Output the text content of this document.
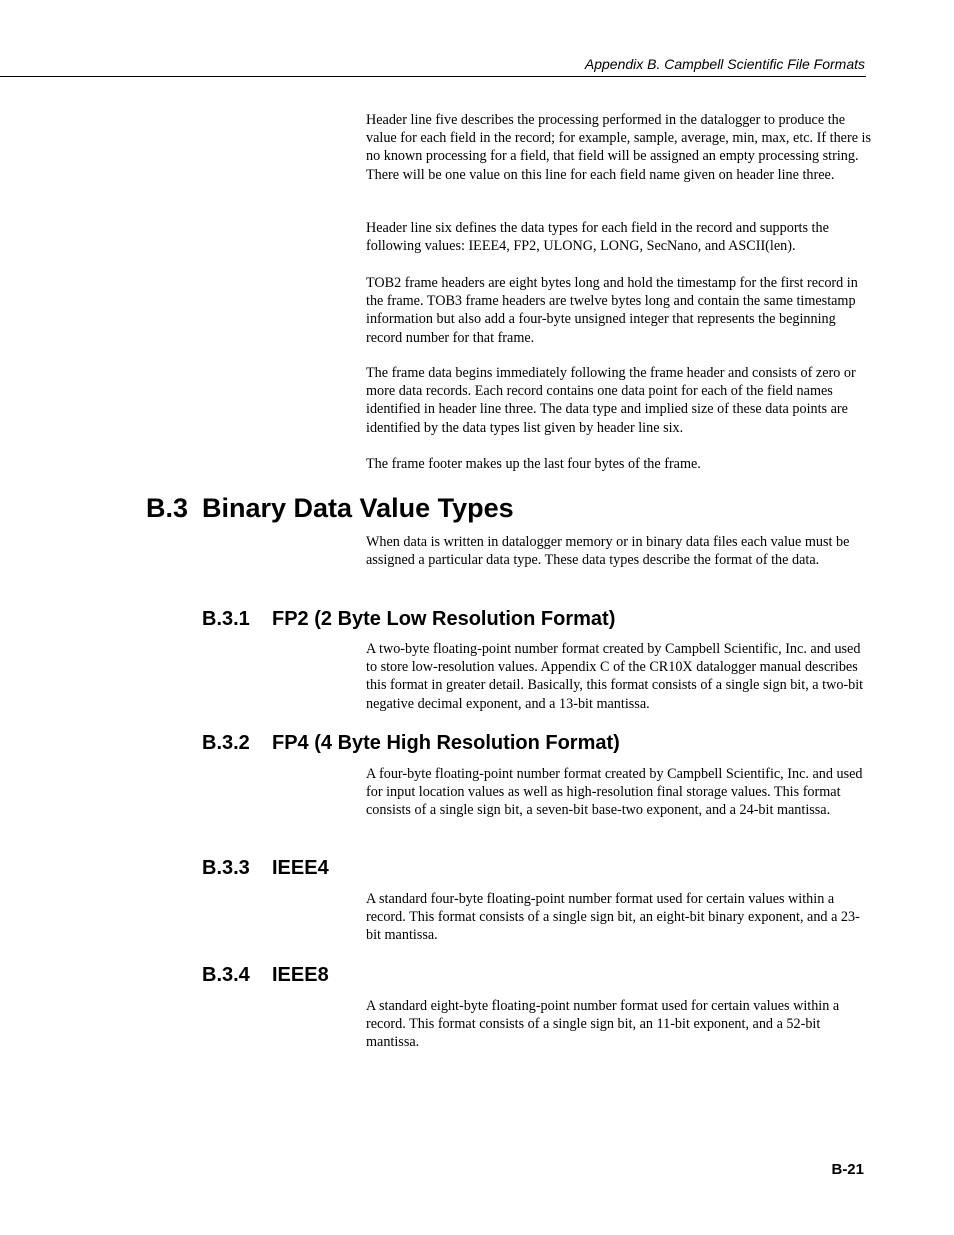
Appendix B. Campbell Scientific File Formats

Header line five describes the processing performed in the datalogger to produce the value for each field in the record; for example, sample, average, min, max, etc. If there is no known processing for a field, that field will be assigned an empty processing string. There will be one value on this line for each field name given on header line three.

Header line six defines the data types for each field in the record and supports the following values: IEEE4, FP2, ULONG, LONG, SecNano, and ASCII(len).

TOB2 frame headers are eight bytes long and hold the timestamp for the first record in the frame. TOB3 frame headers are twelve bytes long and contain the same timestamp information but also add a four-byte unsigned integer that represents the beginning record number for that frame.

The frame data begins immediately following the frame header and consists of zero or more data records. Each record contains one data point for each of the field names identified in header line three. The data type and implied size of these data points are identified by the data types list given by header line six.

The frame footer makes up the last four bytes of the frame.

B.3 Binary Data Value Types

When data is written in datalogger memory or in binary data files each value must be assigned a particular data type. These data types describe the format of the data.

B.3.1 FP2 (2 Byte Low Resolution Format)

A two-byte floating-point number format created by Campbell Scientific, Inc. and used to store low-resolution values. Appendix C of the CR10X datalogger manual describes this format in greater detail. Basically, this format consists of a single sign bit, a two-bit negative decimal exponent, and a 13-bit mantissa.

B.3.2 FP4 (4 Byte High Resolution Format)

A four-byte floating-point number format created by Campbell Scientific, Inc. and used for input location values as well as high-resolution final storage values. This format consists of a single sign bit, a seven-bit base-two exponent, and a 24-bit mantissa.

B.3.3 IEEE4

A standard four-byte floating-point number format used for certain values within a record. This format consists of a single sign bit, an eight-bit binary exponent, and a 23-bit mantissa.

B.3.4 IEEE8

A standard eight-byte floating-point number format used for certain values within a record. This format consists of a single sign bit, an 11-bit exponent, and a 52-bit mantissa.

B-21
